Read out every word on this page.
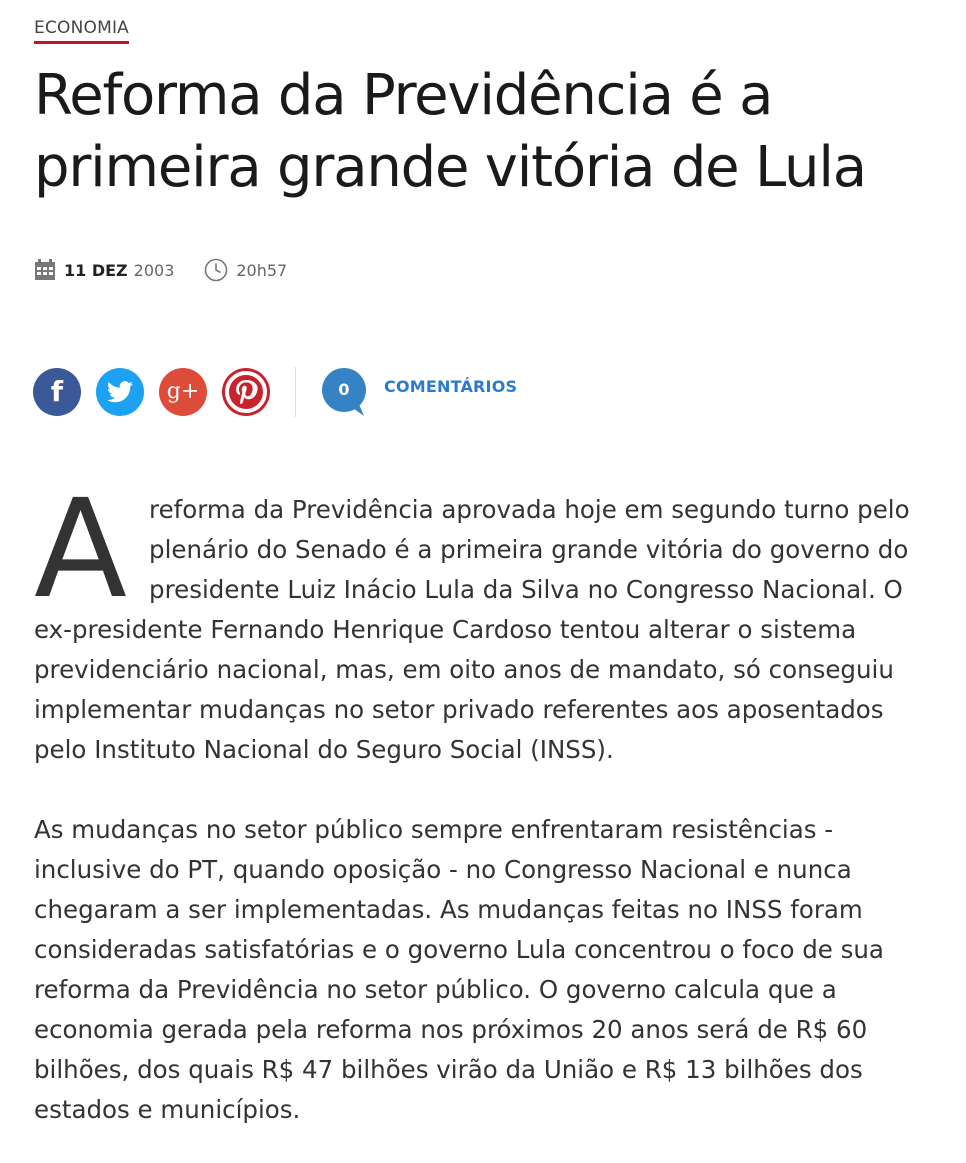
ECONOMIA
Reforma da Previdência é a primeira grande vitória de Lula
11 DEZ 2003	20h57
f	g+	0	COMENTÁRIOS

Areforma da Previdência aprovada hoje em segundo turno pelo plenário do Senado é a primeira grande vitória do governo do presidente Luiz Inácio Lula da Silva no Congresso Nacional. O ex-presidente Fernando Henrique Cardoso tentou alterar o sistema previdenciário nacional, mas, em oito anos de mandato, só conseguiu implementar mudanças no setor privado referentes aos aposentados pelo Instituto Nacional do Seguro Social (INSS).

As mudanças no setor público sempre enfrentaram resistências - inclusive do PT, quando oposição - no Congresso Nacional e nunca chegaram a ser implementadas. As mudanças feitas no INSS foram consideradas satisfatórias e o governo Lula concentrou o foco de sua reforma da Previdência no setor público. O governo calcula que a economia gerada pela reforma nos próximos 20 anos será de R$ 60 bilhões, dos quais R$ 47 bilhões virão da União e R$ 13 bilhões dos estados e municípios.
